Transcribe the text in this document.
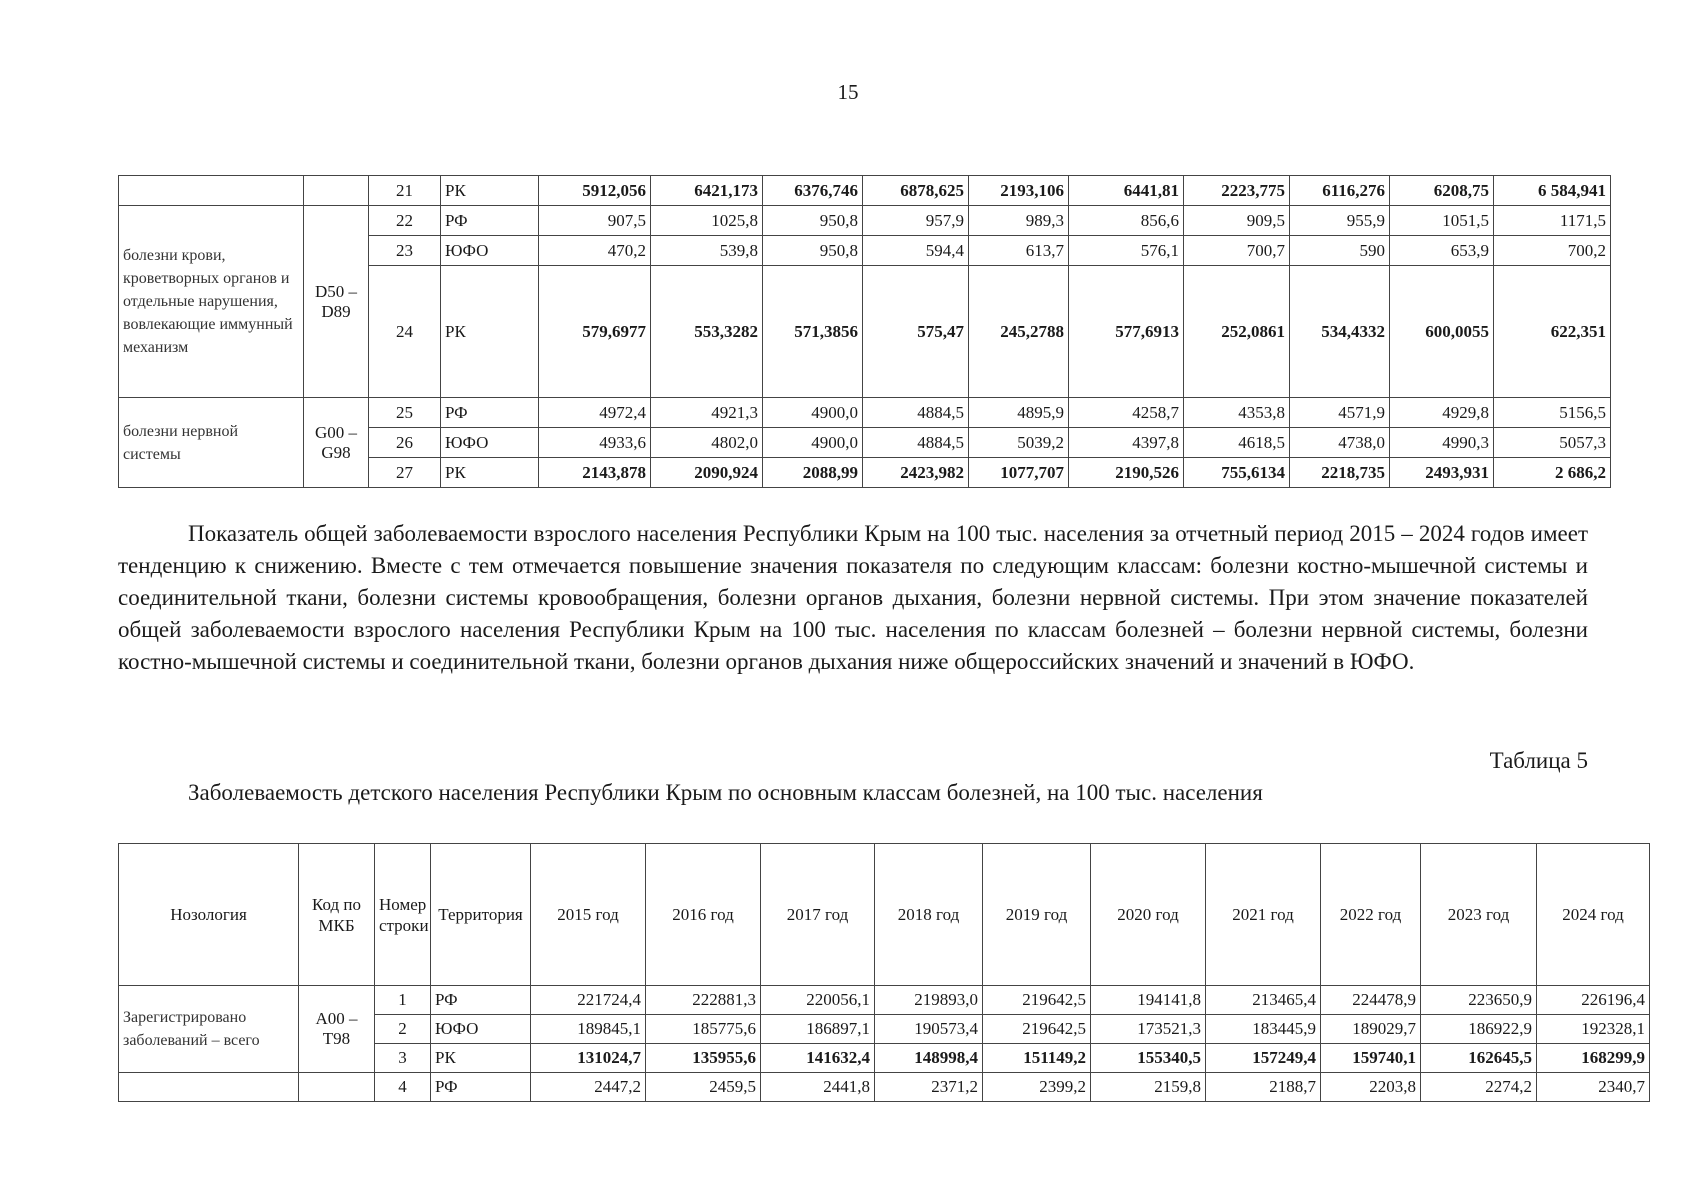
15
		21	РК	5912,056	6421,173	6376,746	6878,625	2193,106	6441,81	2223,775	6116,276	6208,75	6 584,941
болезни крови, кроветворных органов и отдельные нарушения, вовлекающие иммунный механизм	D50 – D89	22	РФ	907,5	1025,8	950,8	957,9	989,3	856,6	909,5	955,9	1051,5	1171,5
		23	ЮФО	470,2	539,8	950,8	594,4	613,7	576,1	700,7	590	653,9	700,2
		24	РК	579,6977	553,3282	571,3856	575,47	245,2788	577,6913	252,0861	534,4332	600,0055	622,351
болезни нервной системы	G00 – G98	25	РФ	4972,4	4921,3	4900,0	4884,5	4895,9	4258,7	4353,8	4571,9	4929,8	5156,5
		26	ЮФО	4933,6	4802,0	4900,0	4884,5	5039,2	4397,8	4618,5	4738,0	4990,3	5057,3
		27	РК	2143,878	2090,924	2088,99	2423,982	1077,707	2190,526	755,6134	2218,735	2493,931	2 686,2

Показатель общей заболеваемости взрослого населения Республики Крым на 100 тыс. населения за отчетный период 2015 – 2024 годов имеет тенденцию к снижению. Вместе с тем отмечается повышение значения показателя по следующим классам: болезни костно-мышечной системы и соединительной ткани, болезни системы кровообращения, болезни органов дыхания, болезни нервной системы. При этом значение показателей общей заболеваемости взрослого населения Республики Крым на 100 тыс. населения по классам болезней – болезни нервной системы, болезни костно-мышечной системы и соединительной ткани, болезни органов дыхания ниже общероссийских значений и значений в ЮФО.

Таблица 5
Заболеваемость детского населения Республики Крым по основным классам болезней, на 100 тыс. населения
Нозология	Код по МКБ	Номер строки	Территория	2015 год	2016 год	2017 год	2018 год	2019 год	2020 год	2021 год	2022 год	2023 год	2024 год
Зарегистрировано заболеваний – всего	А00 – Т98	1	РФ	221724,4	222881,3	220056,1	219893,0	219642,5	194141,8	213465,4	224478,9	223650,9	226196,4
		2	ЮФО	189845,1	185775,6	186897,1	190573,4	219642,5	173521,3	183445,9	189029,7	186922,9	192328,1
		3	РК	131024,7	135955,6	141632,4	148998,4	151149,2	155340,5	157249,4	159740,1	162645,5	168299,9
		4	РФ	2447,2	2459,5	2441,8	2371,2	2399,2	2159,8	2188,7	2203,8	2274,2	2340,7
